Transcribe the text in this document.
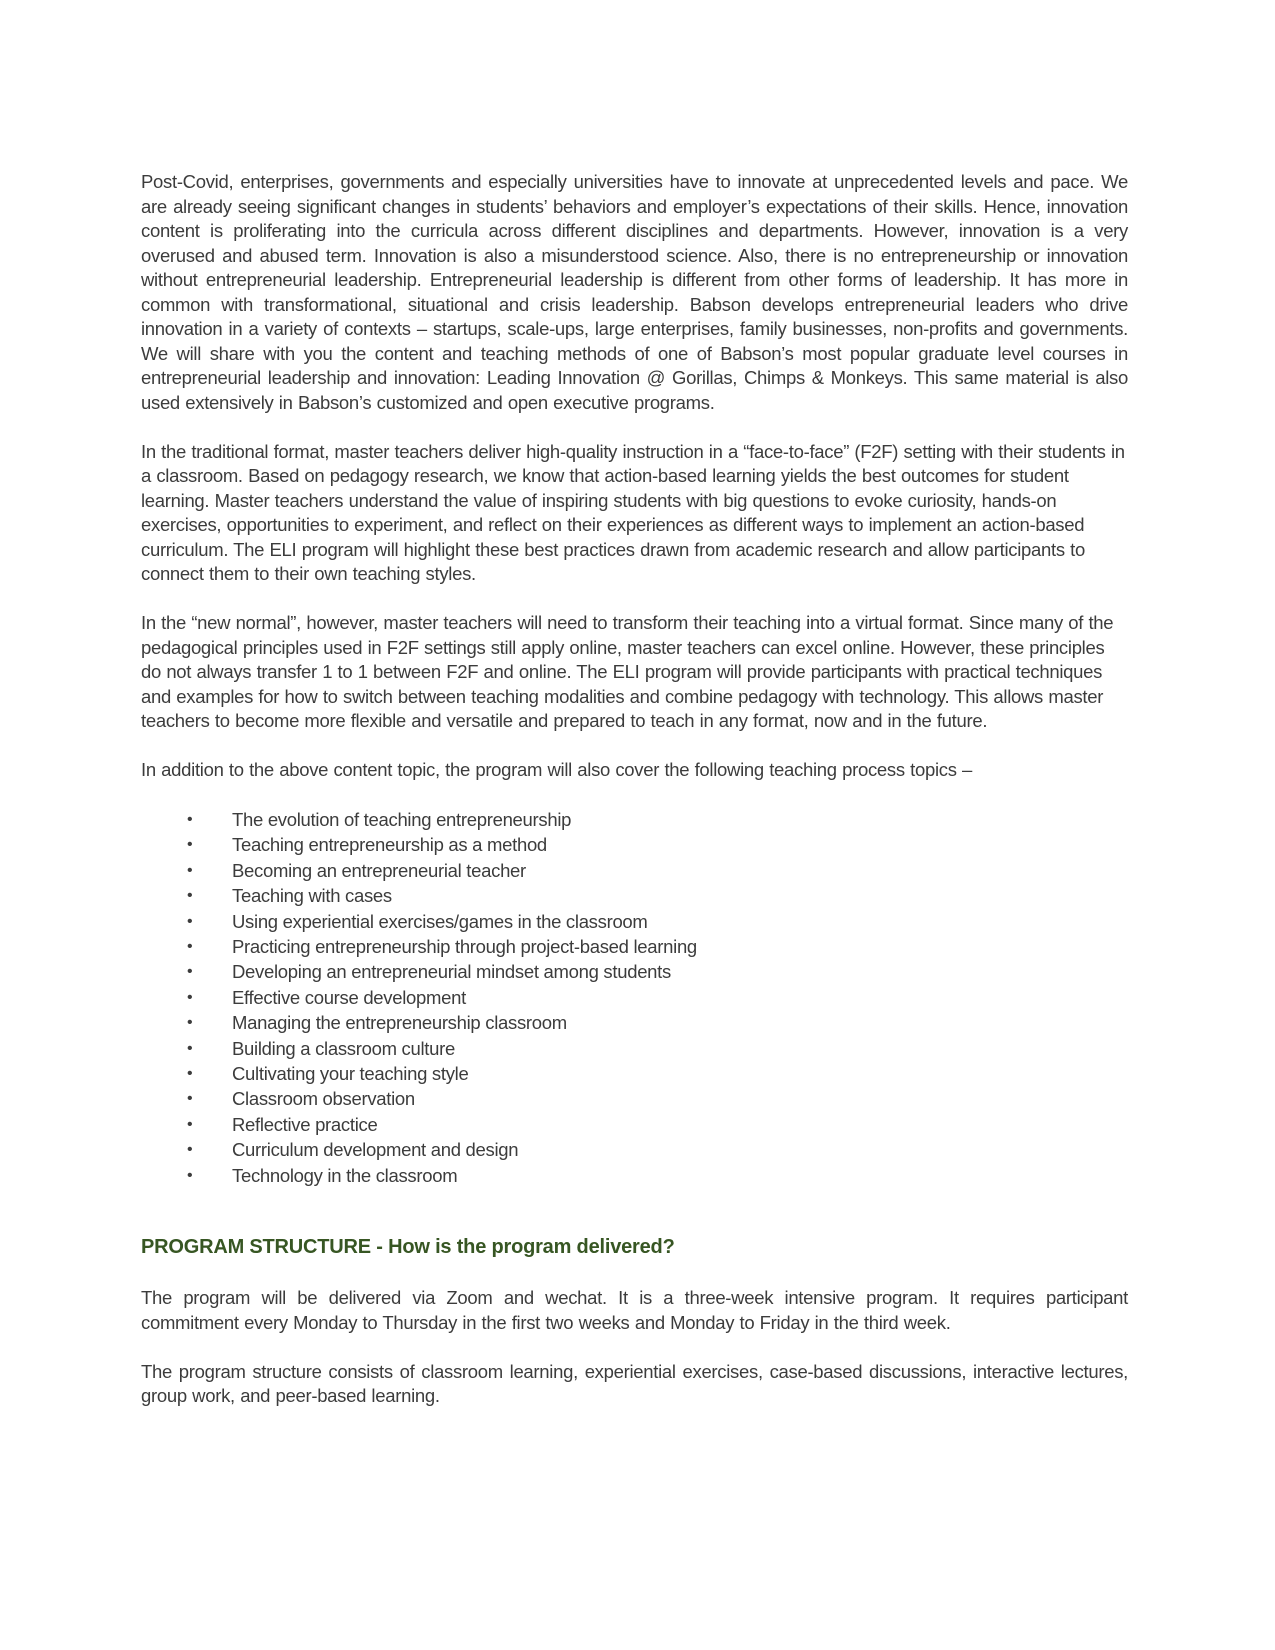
Post-Covid, enterprises, governments and especially universities have to innovate at unprecedented levels and pace. We are already seeing significant changes in students’ behaviors and employer’s expectations of their skills. Hence, innovation content is proliferating into the curricula across different disciplines and departments. However, innovation is a very overused and abused term. Innovation is also a misunderstood science. Also, there is no entrepreneurship or innovation without entrepreneurial leadership. Entrepreneurial leadership is different from other forms of leadership. It has more in common with transformational, situational and crisis leadership. Babson develops entrepreneurial leaders who drive innovation in a variety of contexts – startups, scale-ups, large enterprises, family businesses, non-profits and governments. We will share with you the content and teaching methods of one of Babson’s most popular graduate level courses in entrepreneurial leadership and innovation: Leading Innovation @ Gorillas, Chimps & Monkeys. This same material is also used extensively in Babson’s customized and open executive programs.

In the traditional format, master teachers deliver high-quality instruction in a “face-to-face” (F2F) setting with their students in a classroom. Based on pedagogy research, we know that action-based learning yields the best outcomes for student learning. Master teachers understand the value of inspiring students with big questions to evoke curiosity, hands-on exercises, opportunities to experiment, and reflect on their experiences as different ways to implement an action-based curriculum. The ELI program will highlight these best practices drawn from academic research and allow participants to connect them to their own teaching styles.

In the “new normal”, however, master teachers will need to transform their teaching into a virtual format. Since many of the pedagogical principles used in F2F settings still apply online, master teachers can excel online. However, these principles do not always transfer 1 to 1 between F2F and online. The ELI program will provide participants with practical techniques and examples for how to switch between teaching modalities and combine pedagogy with technology. This allows master teachers to become more flexible and versatile and prepared to teach in any format, now and in the future.

In addition to the above content topic, the program will also cover the following teaching process topics –

• The evolution of teaching entrepreneurship
• Teaching entrepreneurship as a method
• Becoming an entrepreneurial teacher
• Teaching with cases
• Using experiential exercises/games in the classroom
• Practicing entrepreneurship through project-based learning
• Developing an entrepreneurial mindset among students
• Effective course development
• Managing the entrepreneurship classroom
• Building a classroom culture
• Cultivating your teaching style
• Classroom observation
• Reflective practice
• Curriculum development and design
• Technology in the classroom
PROGRAM STRUCTURE - How is the program delivered?

The program will be delivered via Zoom and wechat. It is a three-week intensive program. It requires participant commitment every Monday to Thursday in the first two weeks and Monday to Friday in the third week.

The program structure consists of classroom learning, experiential exercises, case-based discussions, interactive lectures, group work, and peer-based learning.
